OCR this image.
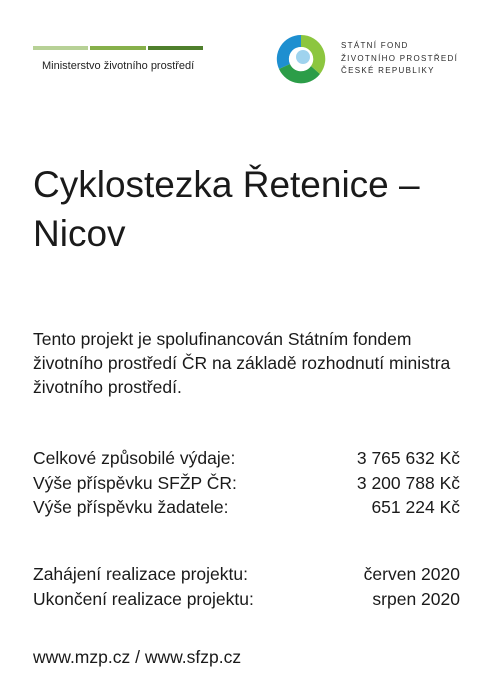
Ministerstvo životního prostředí
STÁTNÍ FOND
ŽIVOTNÍHO PROSTŘEDÍ
ČESKÉ REPUBLIKY
Cyklostezka Řetenice – Nicov
Tento projekt je spolufinancován Státním fondem životního prostředí ČR na základě rozhodnutí ministra životního prostředí.
Celkové způsobilé výdaje:	3 765 632 Kč
Výše příspěvku SFŽP ČR:	3 200 788 Kč
Výše příspěvku žadatele:	651 224 Kč
Zahájení realizace projektu:	červen 2020
Ukončení realizace projektu:	srpen 2020
www.mzp.cz / www.sfzp.cz
